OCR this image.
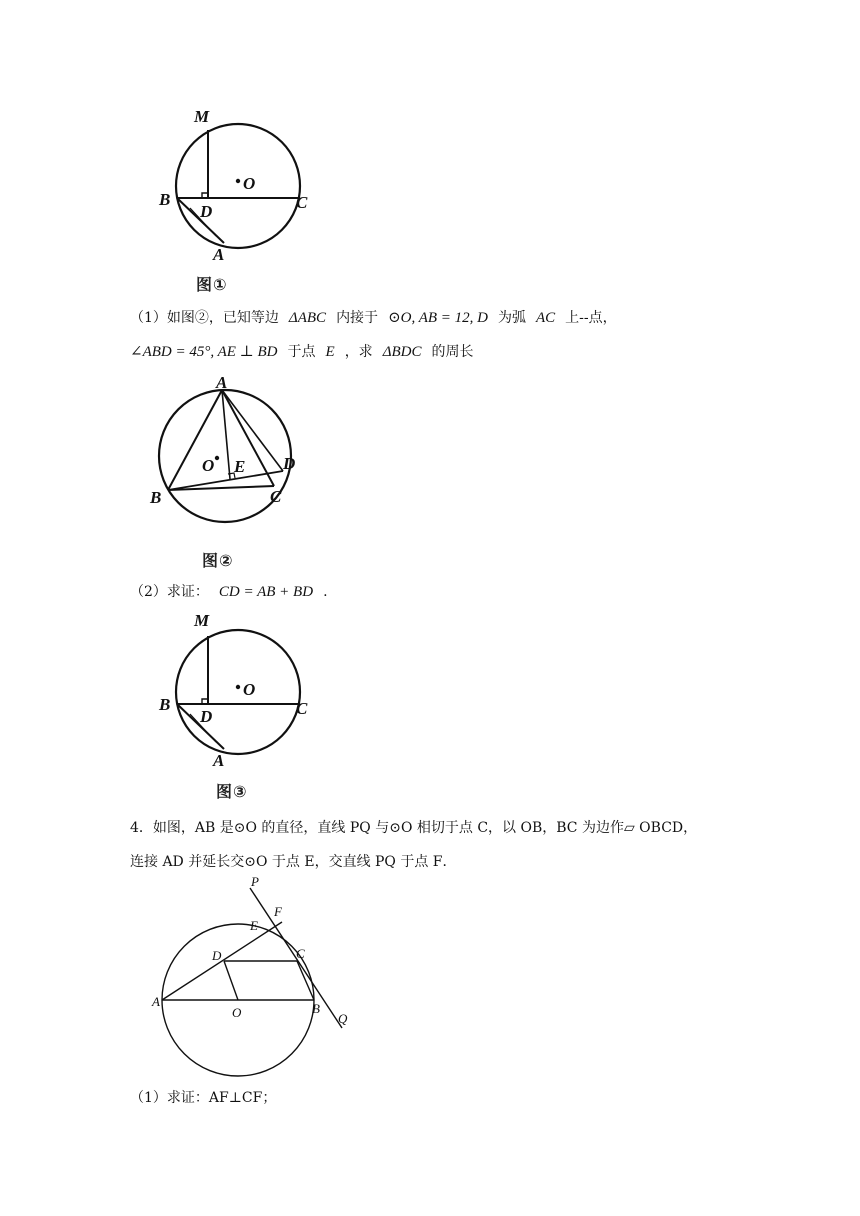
M
O
B
D	C
A
图①
（1）如图②，已知等边 ΔABC 内接于 ⊙O, AB = 12, D 为弧 AC 上--点，
∠ABD = 45°, AE ⊥ BD 于点 E ，求 ΔBDC 的周长
A
O E D
B	C
图②
（2）求证： CD = AB + BD .
M
O
B
D	C
A
图③
4．如图，AB 是⊙O 的直径，直线 PQ 与⊙O 相切于点 C，以 OB，BC 为边作▱ OBCD，
连接 AD 并延长交⊙O 于点 E，交直线 PQ 于点 F．
P
F
E
C
D
A
O	B
Q
（1）求证：AF⊥CF；
